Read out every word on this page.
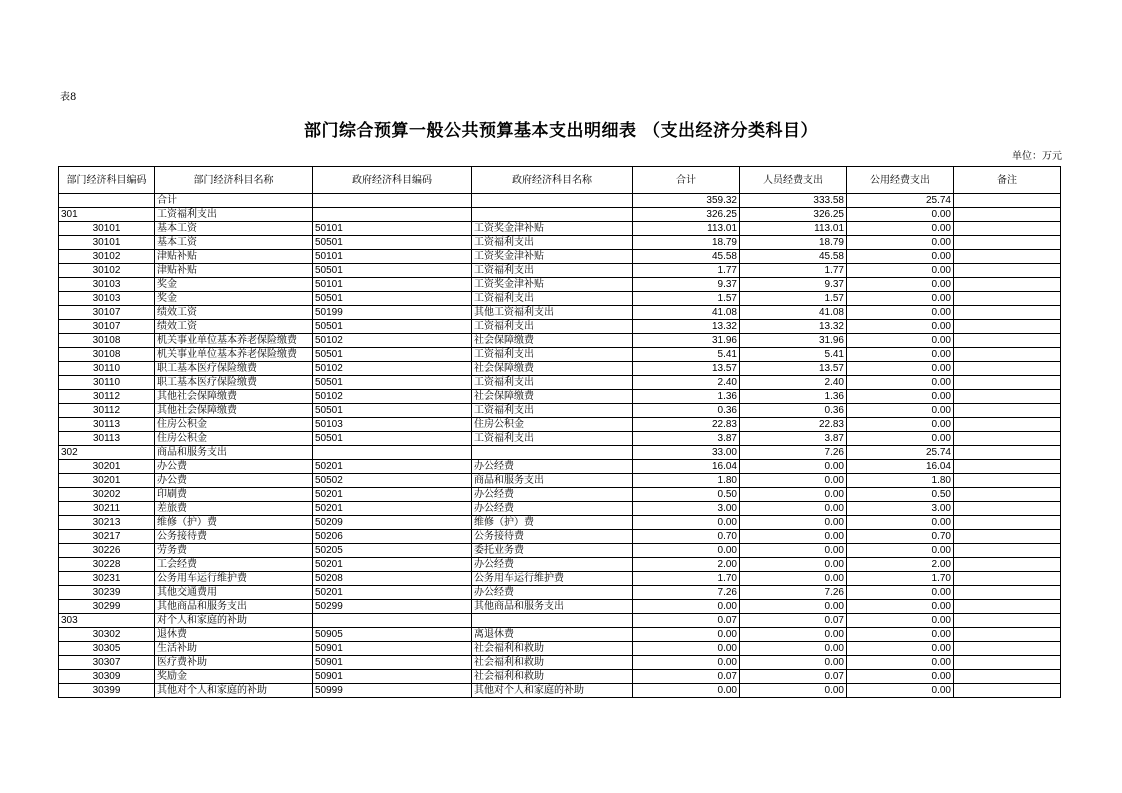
表8
部门综合预算一般公共预算基本支出明细表 （支出经济分类科目）
单位：万元
部门经济科目编码	部门经济科目名称	政府经济科目编码	政府经济科目名称	合计	人员经费支出	公用经费支出	备注
	合计			359.32	333.58	25.74	
301	工资福利支出			326.25	326.25	0.00	
30101	基本工资	50101	工资奖金津补贴	113.01	113.01	0.00	
30101	基本工资	50501	工资福利支出	18.79	18.79	0.00	
30102	津贴补贴	50101	工资奖金津补贴	45.58	45.58	0.00	
30102	津贴补贴	50501	工资福利支出	1.77	1.77	0.00	
30103	奖金	50101	工资奖金津补贴	9.37	9.37	0.00	
30103	奖金	50501	工资福利支出	1.57	1.57	0.00	
30107	绩效工资	50199	其他工资福利支出	41.08	41.08	0.00	
30107	绩效工资	50501	工资福利支出	13.32	13.32	0.00	
30108	机关事业单位基本养老保险缴费	50102	社会保障缴费	31.96	31.96	0.00	
30108	机关事业单位基本养老保险缴费	50501	工资福利支出	5.41	5.41	0.00	
30110	职工基本医疗保险缴费	50102	社会保障缴费	13.57	13.57	0.00	
30110	职工基本医疗保险缴费	50501	工资福利支出	2.40	2.40	0.00	
30112	其他社会保障缴费	50102	社会保障缴费	1.36	1.36	0.00	
30112	其他社会保障缴费	50501	工资福利支出	0.36	0.36	0.00	
30113	住房公积金	50103	住房公积金	22.83	22.83	0.00	
30113	住房公积金	50501	工资福利支出	3.87	3.87	0.00	
302	商品和服务支出			33.00	7.26	25.74	
30201	办公费	50201	办公经费	16.04	0.00	16.04	
30201	办公费	50502	商品和服务支出	1.80	0.00	1.80	
30202	印刷费	50201	办公经费	0.50	0.00	0.50	
30211	差旅费	50201	办公经费	3.00	0.00	3.00	
30213	维修（护）费	50209	维修（护）费	0.00	0.00	0.00	
30217	公务接待费	50206	公务接待费	0.70	0.00	0.70	
30226	劳务费	50205	委托业务费	0.00	0.00	0.00	
30228	工会经费	50201	办公经费	2.00	0.00	2.00	
30231	公务用车运行维护费	50208	公务用车运行维护费	1.70	0.00	1.70	
30239	其他交通费用	50201	办公经费	7.26	7.26	0.00	
30299	其他商品和服务支出	50299	其他商品和服务支出	0.00	0.00	0.00	
303	对个人和家庭的补助			0.07	0.07	0.00	
30302	退休费	50905	离退休费	0.00	0.00	0.00	
30305	生活补助	50901	社会福利和救助	0.00	0.00	0.00	
30307	医疗费补助	50901	社会福利和救助	0.00	0.00	0.00	
30309	奖励金	50901	社会福利和救助	0.07	0.07	0.00	
30399	其他对个人和家庭的补助	50999	其他对个人和家庭的补助	0.00	0.00	0.00	
